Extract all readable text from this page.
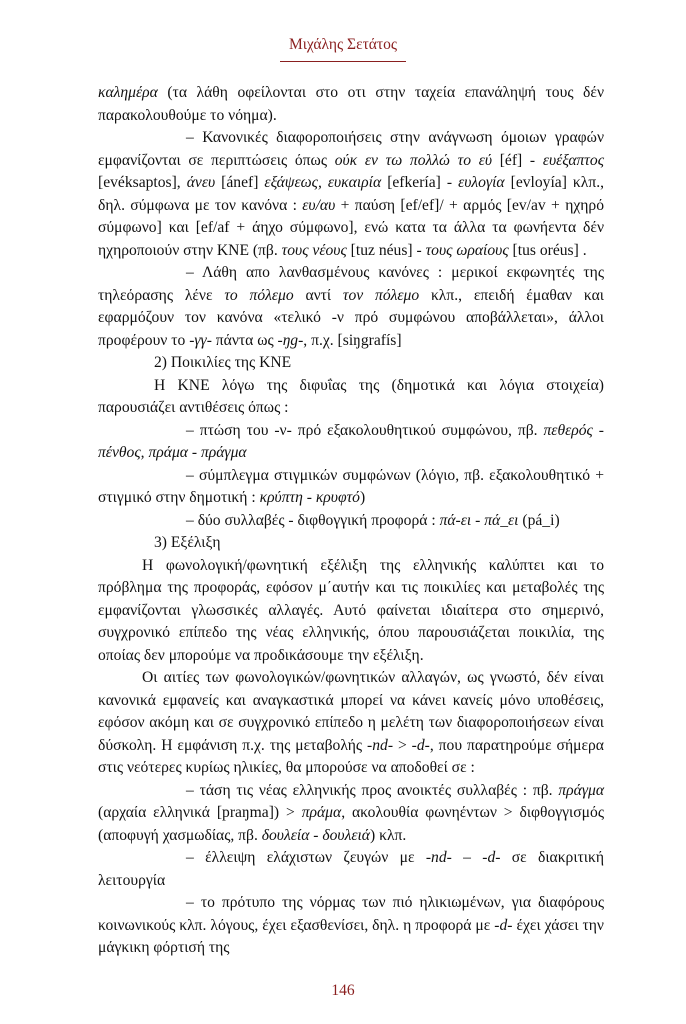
Μιχάλης Σετάτος

καλημέρα (τα λάθη οφείλονται στο οτι στην ταχεία επανάληψή τους δέν παρακολουθούμε το νόημα).

– Κανονικές διαφοροποιήσεις στην ανάγνωση όμοιων γραφών εμφανίζονται σε περιπτώσεις όπως ούκ εν τω πολλώ το εύ [éf] - ευέξαπτος [evéksaptos], άνευ [ánef] εξάψεως, ευκαιρία [efkería] - ευλογία [evloyía] κλπ., δηλ. σύμφωνα με τον κανόνα : ευ/αυ + παύση [ef/ef]/ + αρμός [ev/av + ηχηρό σύμφωνο] και [ef/af + άηχο σύμφωνο], ενώ κατα τα άλλα τα φωνήεντα δέν ηχηροποιούν στην ΚΝΕ (πβ. τους νέους [tuz néus] - τους ωραίους [tus oréus] .

– Λάθη απο λανθασμένους κανόνες : μερικοί εκφωνητές της τηλεόρασης λένε το πόλεμο αντί τον πόλεμο κλπ., επειδή έμαθαν και εφαρμόζουν τον κανόνα «τελικό -ν πρό συμφώνου αποβάλλεται», άλλοι προφέρουν το -γγ- πάντα ως -ŋg-, π.χ. [siŋgrafís]

2) Ποικιλίες της ΚΝΕ

Η ΚΝΕ λόγω της διφυΐας της (δημοτικά και λόγια στοιχεία) παρουσιάζει αντιθέσεις όπως :

– πτώση του -ν- πρό εξακολουθητικού συμφώνου, πβ. πεθερός - πένθος, πράμα - πράγμα

– σύμπλεγμα στιγμικών συμφώνων (λόγιο, πβ. εξακολουθητικό + στιγμικό στην δημοτική : κρύπτη - κρυφτό)

– δύο συλλαβές - διφθογγική προφορά : πά-ει - πά_ει (pá_i)

3) Εξέλιξη

Η φωνολογική/φωνητική εξέλιξη της ελληνικής καλύπτει και το πρόβλημα της προφοράς, εφόσον μ΄αυτήν και τις ποικιλίες και μεταβολές της εμφανίζονται γλωσσικές αλλαγές. Αυτό φαίνεται ιδιαίτερα στο σημερινό, συγχρονικό επίπεδο της νέας ελληνικής, όπου παρουσιάζεται ποικιλία, της οποίας δεν μπορούμε να προδικάσουμε την εξέλιξη.

Οι αιτίες των φωνολογικών/φωνητικών αλλαγών, ως γνωστό, δέν είναι κανονικά εμφανείς και αναγκαστικά μπορεί να κάνει κανείς μόνο υποθέσεις, εφόσον ακόμη και σε συγχρονικό επίπεδο η μελέτη των διαφοροποιήσεων είναι δύσκολη. Η εμφάνιση π.χ. της μεταβολής -nd- > -d-, που παρατηρούμε σήμερα στις νεότερες κυρίως ηλικίες, θα μπορούσε να αποδοθεί σε :

– τάση τις νέας ελληνικής προς ανοικτές συλλαβές : πβ. πράγμα (αρχαία ελληνικά [praŋma]) > πράμα, ακολουθία φωνηέντων > διφθογγισμός (αποφυγή χασμωδίας, πβ. δουλεία - δουλειά) κλπ.

– έλλειψη ελάχιστων ζευγών με -nd- – -d- σε διακριτική λειτουργία

– το πρότυπο της νόρμας των πιό ηλικιωμένων, για διαφόρους κοινωνικούς κλπ. λόγους, έχει εξασθενίσει, δηλ. η προφορά με -d- έχει χάσει την μάγκικη φόρτισή της

146
